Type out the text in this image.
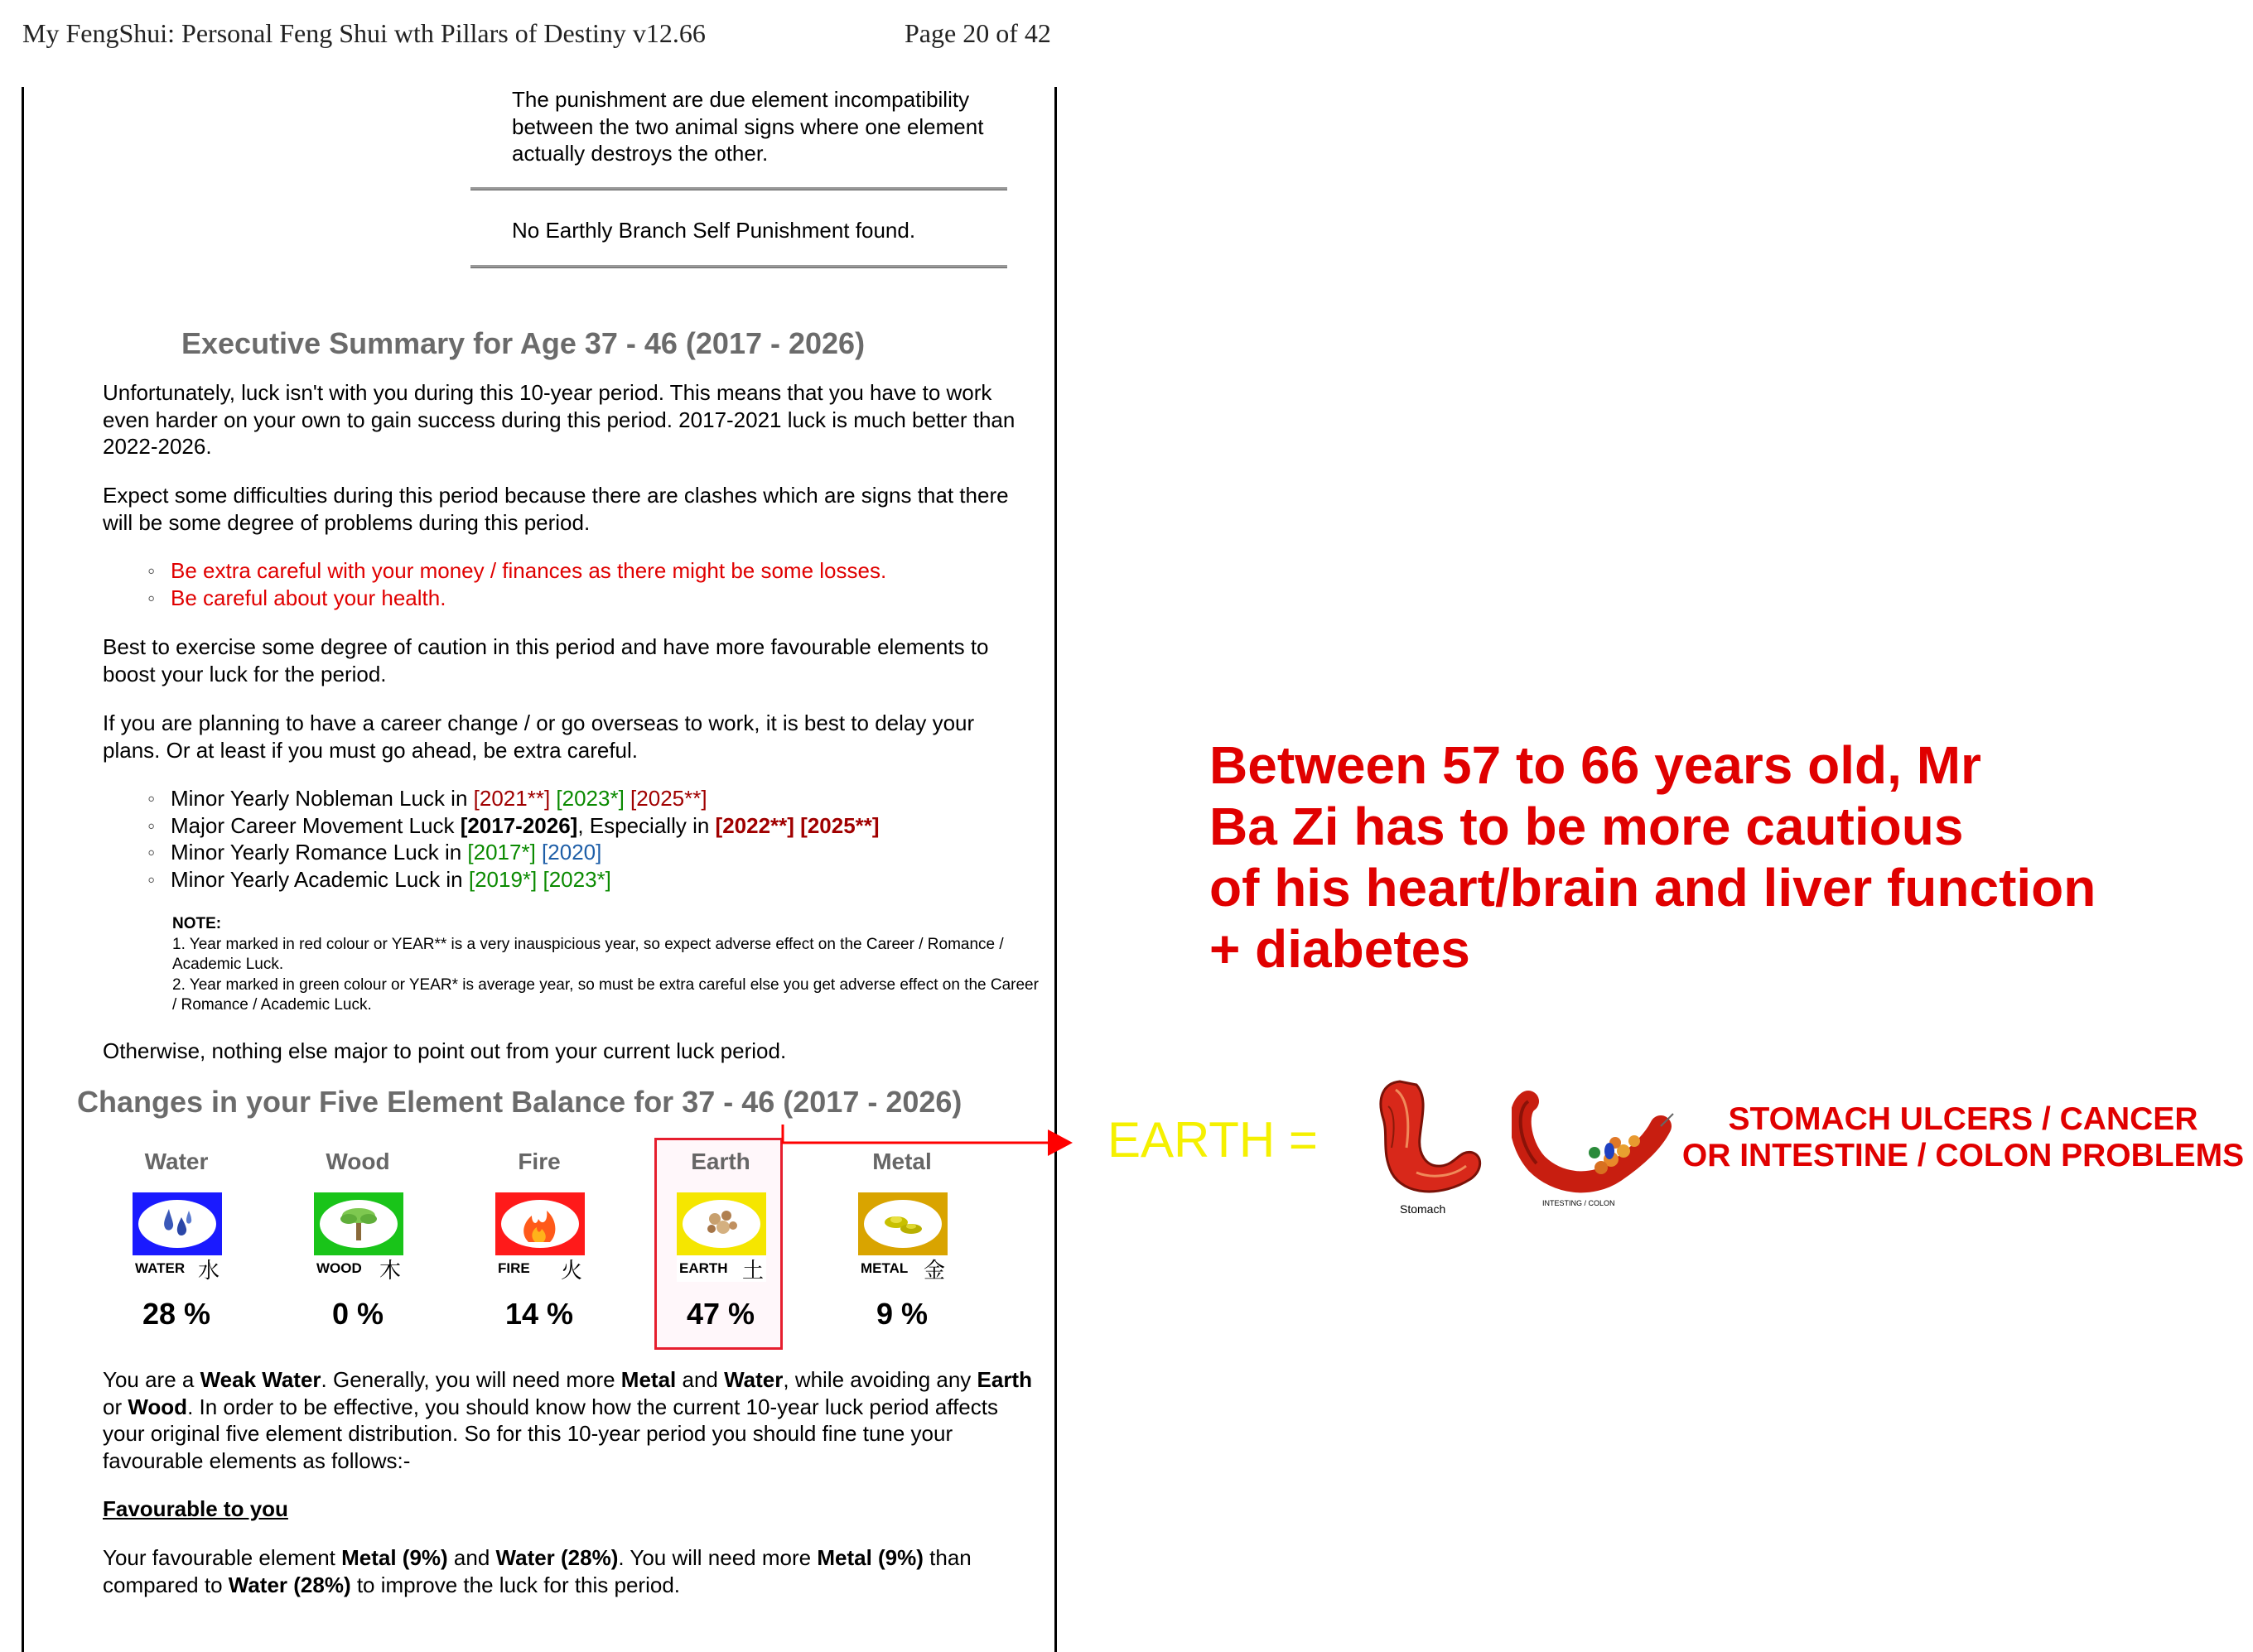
My FengShui: Personal Feng Shui wth Pillars of Destiny v12.66	Page 20 of 42
The punishment are due element incompatibility between the two animal signs where one element actually destroys the other.
No Earthly Branch Self Punishment found.
Executive Summary for Age 37 - 46 (2017 - 2026)
Unfortunately, luck isn't with you during this 10-year period. This means that you have to work even harder on your own to gain success during this period. 2017-2021 luck is much better than 2022-2026.
Expect some difficulties during this period because there are clashes which are signs that there will be some degree of problems during this period.
◦ Be extra careful with your money / finances as there might be some losses.
◦ Be careful about your health.
Best to exercise some degree of caution in this period and have more favourable elements to boost your luck for the period.
If you are planning to have a career change / or go overseas to work, it is best to delay your plans. Or at least if you must go ahead, be extra careful.
◦ Minor Yearly Nobleman Luck in [2021**] [2023*] [2025**]
◦ Major Career Movement Luck [2017-2026], Especially in [2022**] [2025**]
◦ Minor Yearly Romance Luck in [2017*] [2020]
◦ Minor Yearly Academic Luck in [2019*] [2023*]
NOTE:
1. Year marked in red colour or YEAR** is a very inauspicious year, so expect adverse effect on the Career / Romance / Academic Luck.
2. Year marked in green colour or YEAR* is average year, so must be extra careful else you get adverse effect on the Career / Romance / Academic Luck.
Otherwise, nothing else major to point out from your current luck period.
Changes in your Five Element Balance for 37 - 46 (2017 - 2026)
Water	Wood	Fire	Earth	Metal
WATER 水	WOOD 木	FIRE 火	EARTH 土	METAL 金
28 %	0 %	14 %	47 %	9 %
You are a Weak Water. Generally, you will need more Metal and Water, while avoiding any Earth or Wood. In order to be effective, you should know how the current 10-year luck period affects your original five element distribution. So for this 10-year period you should fine tune your favourable elements as follows:-
Favourable to you
Your favourable element Metal (9%) and Water (28%). You will need more Metal (9%) than compared to Water (28%) to improve the luck for this period.
Between 57 to 66 years old, Mr
Ba Zi has to be more cautious
of his heart/brain and liver function
+ diabetes
EARTH =
Stomach	INTESTING / COLON
STOMACH ULCERS / CANCER
OR INTESTINE / COLON PROBLEMS
